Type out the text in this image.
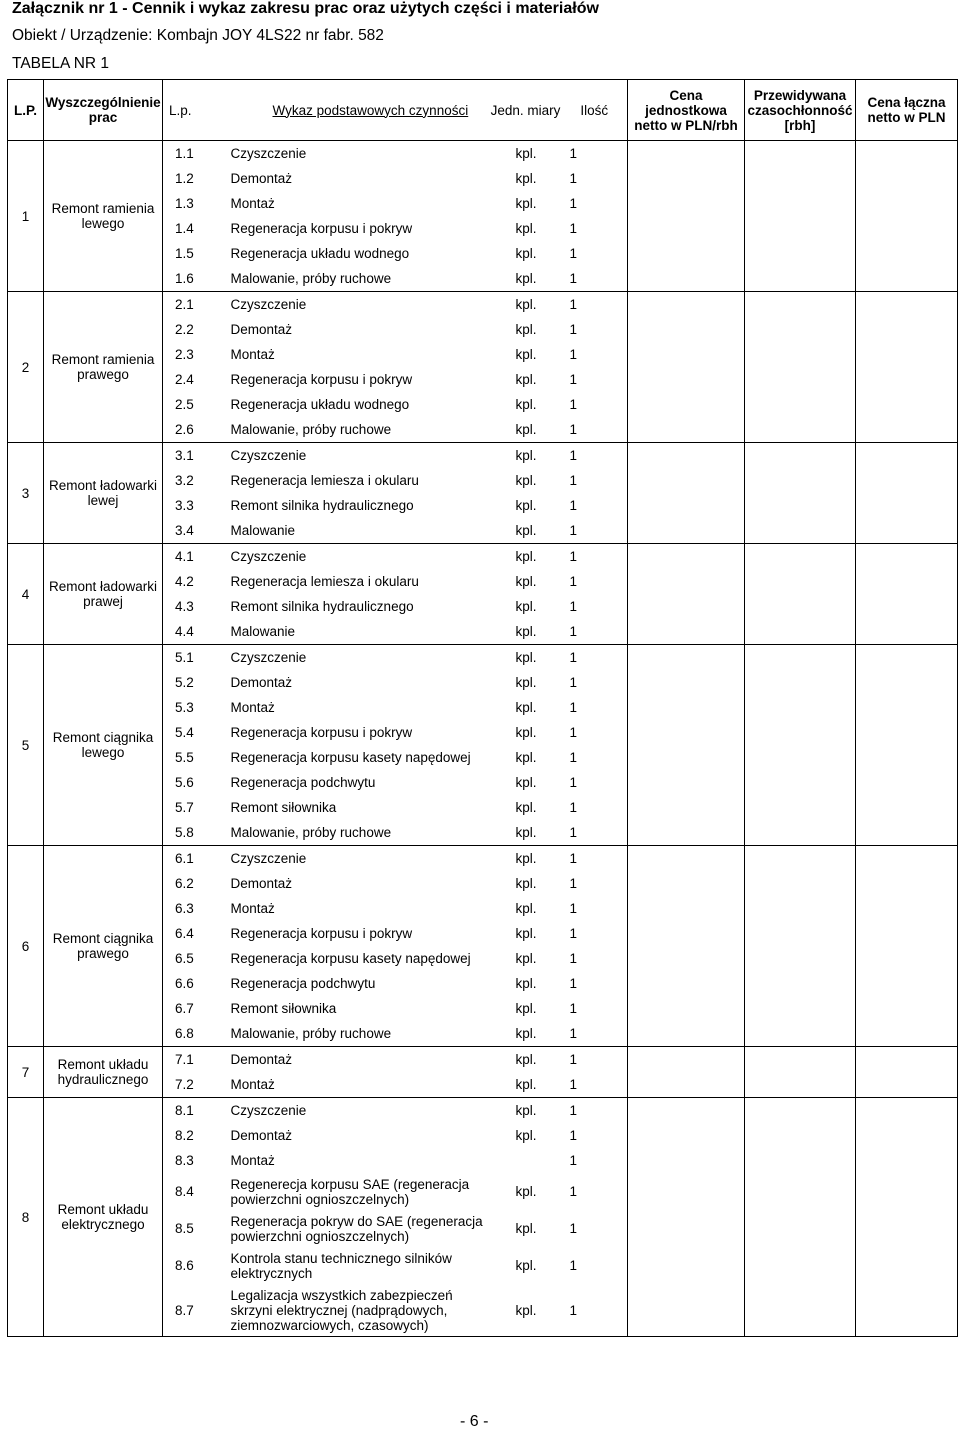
Załącznik nr 1 - Cennik i wykaz zakresu prac oraz użytych części i materiałów
Obiekt / Urządzenie: Kombajn JOY 4LS22 nr fabr. 582
TABELA NR 1
L.P.	Wyszczególnienie prac	L.p.	Wykaz podstawowych czynności	Jedn. miary	Ilość	Cena jednostkowa netto w PLN/rbh	Przewidywana czasochłonność [rbh]	Cena łączna netto w PLN
1	Remont ramienia lewego	1.1	Czyszczenie	kpl.	1			
		1.2	Demontaż	kpl.	1			
		1.3	Montaż	kpl.	1			
		1.4	Regeneracja korpusu i pokryw	kpl.	1			
		1.5	Regeneracja układu wodnego	kpl.	1			
		1.6	Malowanie, próby ruchowe	kpl.	1			
2	Remont ramienia prawego	2.1	Czyszczenie	kpl.	1			
		2.2	Demontaż	kpl.	1			
		2.3	Montaż	kpl.	1			
		2.4	Regeneracja korpusu i pokryw	kpl.	1			
		2.5	Regeneracja układu wodnego	kpl.	1			
		2.6	Malowanie, próby ruchowe	kpl.	1			
3	Remont ładowarki lewej	3.1	Czyszczenie	kpl.	1			
		3.2	Regeneracja lemiesza i okularu	kpl.	1			
		3.3	Remont silnika hydraulicznego	kpl.	1			
		3.4	Malowanie	kpl.	1			
4	Remont ładowarki prawej	4.1	Czyszczenie	kpl.	1			
		4.2	Regeneracja lemiesza i okularu	kpl.	1			
		4.3	Remont silnika hydraulicznego	kpl.	1			
		4.4	Malowanie	kpl.	1			
5	Remont ciągnika lewego	5.1	Czyszczenie	kpl.	1			
		5.2	Demontaż	kpl.	1			
		5.3	Montaż	kpl.	1			
		5.4	Regeneracja korpusu i pokryw	kpl.	1			
		5.5	Regeneracja korpusu kasety napędowej	kpl.	1			
		5.6	Regeneracja podchwytu	kpl.	1			
		5.7	Remont siłownika	kpl.	1			
		5.8	Malowanie, próby ruchowe	kpl.	1			
6	Remont ciągnika prawego	6.1	Czyszczenie	kpl.	1			
		6.2	Demontaż	kpl.	1			
		6.3	Montaż	kpl.	1			
		6.4	Regeneracja korpusu i pokryw	kpl.	1			
		6.5	Regeneracja korpusu kasety napędowej	kpl.	1			
		6.6	Regeneracja podchwytu	kpl.	1			
		6.7	Remont siłownika	kpl.	1			
		6.8	Malowanie, próby ruchowe	kpl.	1			
7	Remont układu hydraulicznego	7.1	Demontaż	kpl.	1			
		7.2	Montaż	kpl.	1			
8	Remont układu elektrycznego	8.1	Czyszczenie	kpl.	1			
		8.2	Demontaż	kpl.	1			
		8.3	Montaż		1			
		8.4	Regenerecja korpusu SAE (regeneracja powierzchni ognioszczelnych)	kpl.	1			
		8.5	Regeneracja pokryw do SAE (regeneracja powierzchni ognioszczelnych)	kpl.	1			
		8.6	Kontrola stanu technicznego silników elektrycznych	kpl.	1			
		8.7	Legalizacja wszystkich zabezpieczeń skrzyni elektrycznej (nadprądowych, ziemnozwarciowych, czasowych)	kpl.	1			
- 6 -
